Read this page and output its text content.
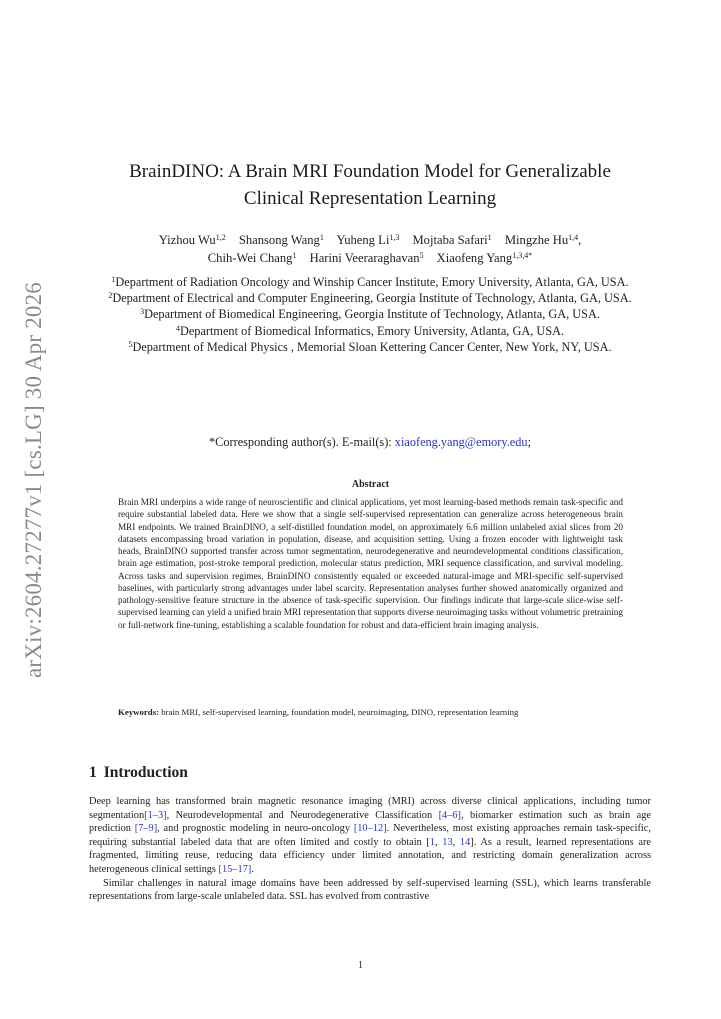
arXiv:2604.27277v1 [cs.LG] 30 Apr 2026
BrainDINO: A Brain MRI Foundation Model for Generalizable
Clinical Representation Learning
Yizhou Wu$^{1,2}$ Shansong Wang$^1$ Yuheng Li$^{1,3}$ Mojtaba Safari$^1$ Mingzhe Hu$^{1,4}$,
Chih-Wei Chang$^1$ Harini Veeraraghavan$^5$ Xiaofeng Yang$^{1,3,4*}$
$^1$Department of Radiation Oncology and Winship Cancer Institute, Emory University, Atlanta, GA, USA.
$^2$Department of Electrical and Computer Engineering, Georgia Institute of Technology, Atlanta, GA, USA.
$^3$Department of Biomedical Engineering, Georgia Institute of Technology, Atlanta, GA, USA.
$^4$Department of Biomedical Informatics, Emory University, Atlanta, GA, USA.
$^5$Department of Medical Physics , Memorial Sloan Kettering Cancer Center, New York, NY, USA.
*Corresponding author(s). E-mail(s): xiaofeng.yang@emory.edu;
Abstract
Brain MRI underpins a wide range of neuroscientific and clinical applications, yet most learning-based methods remain task-specific and require substantial labeled data. Here we show that a single self-supervised representation can generalize across heterogeneous brain MRI endpoints. We trained BrainDINO, a self-distilled foundation model, on approximately 6.6 million unlabeled axial slices from 20 datasets encompassing broad variation in population, disease, and acquisition setting. Using a frozen encoder with lightweight task heads, BrainDINO supported transfer across tumor segmentation, neurodegenerative and neurodevelopmental conditions classification, brain age estimation, post-stroke temporal prediction, molecular status prediction, MRI sequence classification, and survival modeling. Across tasks and supervision regimes, BrainDINO consistently equaled or exceeded natural-image and MRI-specific self-supervised baselines, with particularly strong advantages under label scarcity. Representation analyses further showed anatomically organized and pathology-sensitive feature structure in the absence of task-specific supervision. Our findings indicate that large-scale slice-wise self-supervised learning can yield a unified brain MRI representation that supports diverse neuroimaging tasks without volumetric pretraining or full-network fine-tuning, establishing a scalable foundation for robust and data-efficient brain imaging analysis.
Keywords: brain MRI, self-supervised learning, foundation model, neuroimaging, DINO, representation learning
1 Introduction

Deep learning has transformed brain magnetic resonance imaging (MRI) across diverse clinical applications, including tumor segmentation[1–3], Neurodevelopmental and Neurodegenerative Classification [4–6], biomarker estimation such as brain age prediction [7–9], and prognostic modeling in neuro-oncology [10–12]. Nevertheless, most existing approaches remain task-specific, requiring substantial labeled data that are often limited and costly to obtain [1, 13, 14]. As a result, learned representations are fragmented, limiting reuse, reducing data efficiency under limited annotation, and restricting domain generalization across heterogeneous clinical settings [15–17].

Similar challenges in natural image domains have been addressed by self-supervised learning (SSL), which learns transferable representations from large-scale unlabeled data. SSL has evolved from contrastive

1
